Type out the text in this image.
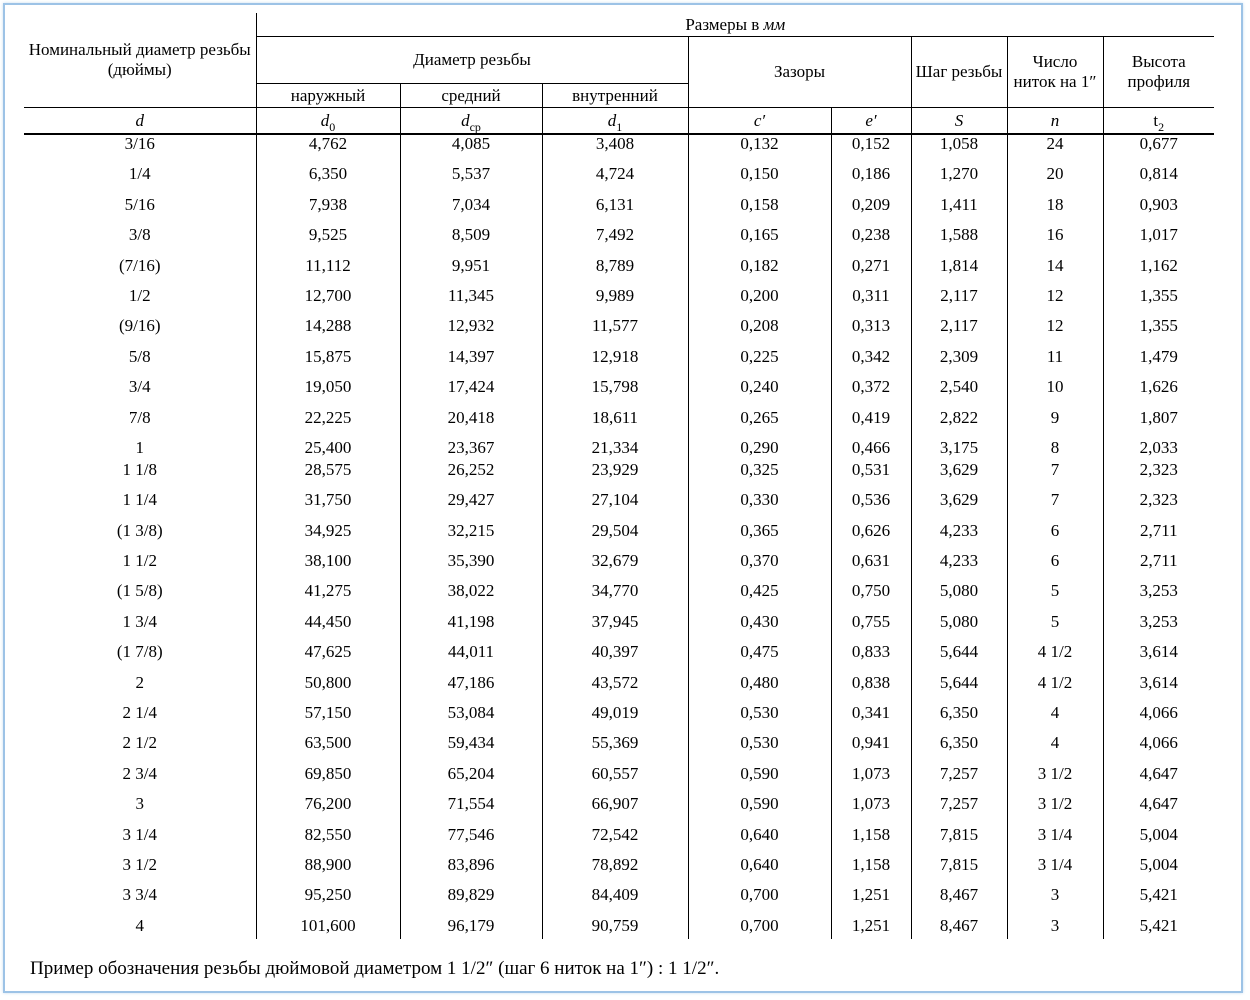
Номинальный диаметр резьбы (дюймы)	Размеры в мм							
	Диаметр резьбы			Зазоры		Шаг резьбы	Число ниток на 1″	Высота профиля
	наружный	средний	внутренний					
d	$d_0$	$d_{ср}$	$d_1$	c′	e′	S	n	$t_2$
3/16	4,762	4,085	3,408	0,132	0,152	1,058	24	0,677
1/4	6,350	5,537	4,724	0,150	0,186	1,270	20	0,814
5/16	7,938	7,034	6,131	0,158	0,209	1,411	18	0,903
3/8	9,525	8,509	7,492	0,165	0,238	1,588	16	1,017
(7/16)	11,112	9,951	8,789	0,182	0,271	1,814	14	1,162
1/2	12,700	11,345	9,989	0,200	0,311	2,117	12	1,355
(9/16)	14,288	12,932	11,577	0,208	0,313	2,117	12	1,355
5/8	15,875	14,397	12,918	0,225	0,342	2,309	11	1,479
3/4	19,050	17,424	15,798	0,240	0,372	2,540	10	1,626
7/8	22,225	20,418	18,611	0,265	0,419	2,822	9	1,807
1	25,400	23,367	21,334	0,290	0,466	3,175	8	2,033
1 1/8	28,575	26,252	23,929	0,325	0,531	3,629	7	2,323
1 1/4	31,750	29,427	27,104	0,330	0,536	3,629	7	2,323
(1 3/8)	34,925	32,215	29,504	0,365	0,626	4,233	6	2,711
1 1/2	38,100	35,390	32,679	0,370	0,631	4,233	6	2,711
(1 5/8)	41,275	38,022	34,770	0,425	0,750	5,080	5	3,253
1 3/4	44,450	41,198	37,945	0,430	0,755	5,080	5	3,253
(1 7/8)	47,625	44,011	40,397	0,475	0,833	5,644	4 1/2	3,614
2	50,800	47,186	43,572	0,480	0,838	5,644	4 1/2	3,614
2 1/4	57,150	53,084	49,019	0,530	0,341	6,350	4	4,066
2 1/2	63,500	59,434	55,369	0,530	0,941	6,350	4	4,066
2 3/4	69,850	65,204	60,557	0,590	1,073	7,257	3 1/2	4,647
3	76,200	71,554	66,907	0,590	1,073	7,257	3 1/2	4,647
3 1/4	82,550	77,546	72,542	0,640	1,158	7,815	3 1/4	5,004
3 1/2	88,900	83,896	78,892	0,640	1,158	7,815	3 1/4	5,004
3 3/4	95,250	89,829	84,409	0,700	1,251	8,467	3	5,421
4	101,600	96,179	90,759	0,700	1,251	8,467	3	5,421
Пример обозначения резьбы дюймовой диаметром 1 1/2″ (шаг 6 ниток на 1″) : 1 1/2″.
